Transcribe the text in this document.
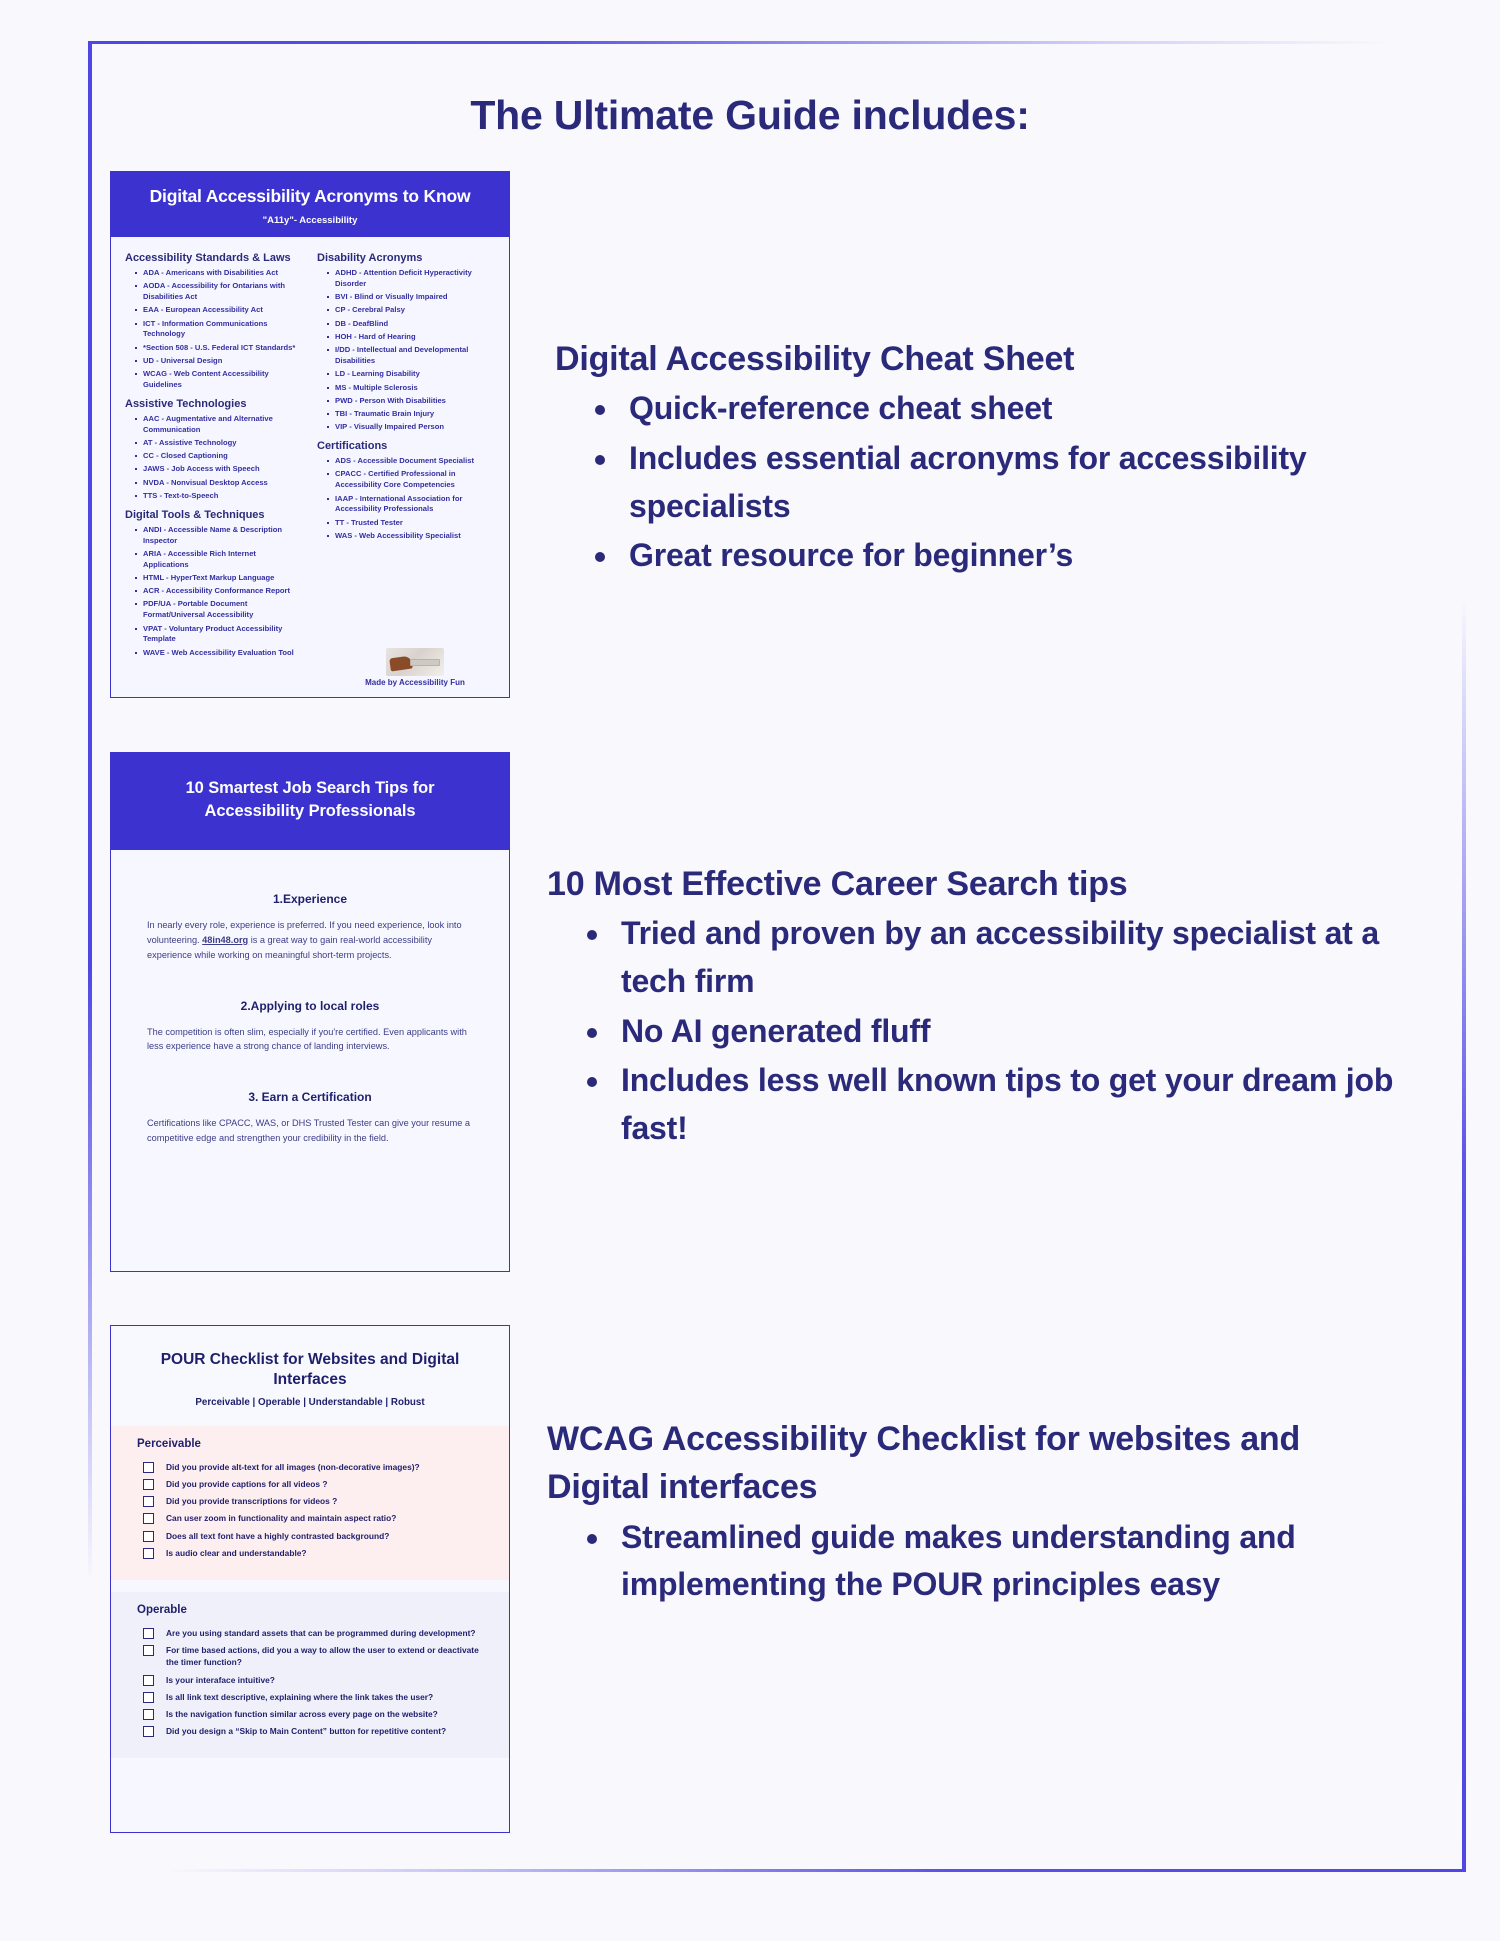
The Ultimate Guide includes:
Digital Accessibility Acronyms to Know
"A11y"- Accessibility
Accessibility Standards & Laws
ADA - Americans with Disabilities Act
AODA - Accessibility for Ontarians with Disabilities Act
EAA - European Accessibility Act
ICT - Information Communications Technology
*Section 508 - U.S. Federal ICT Standards*
UD - Universal Design
WCAG - Web Content Accessibility Guidelines
Assistive Technologies
AAC - Augmentative and Alternative Communication
AT - Assistive Technology
CC - Closed Captioning
JAWS - Job Access with Speech
NVDA - Nonvisual Desktop Access
TTS - Text-to-Speech
Digital Tools & Techniques
ANDI - Accessible Name & Description Inspector
ARIA - Accessible Rich Internet Applications
HTML - HyperText Markup Language
ACR - Accessibility Conformance Report
PDF/UA - Portable Document Format/Universal Accessibility
VPAT - Voluntary Product Accessibility Template
WAVE - Web Accessibility Evaluation Tool
Disability Acronyms
ADHD - Attention Deficit Hyperactivity Disorder
BVI - Blind or Visually Impaired
CP - Cerebral Palsy
DB - DeafBlind
HOH - Hard of Hearing
I/DD - Intellectual and Developmental Disabilities
LD - Learning Disability
MS - Multiple Sclerosis
PWD - Person With Disabilities
TBI - Traumatic Brain Injury
VIP - Visually Impaired Person
Certifications
ADS - Accessible Document Specialist
CPACC - Certified Professional in Accessibility Core Competencies
IAAP - International Association for Accessibility Professionals
TT - Trusted Tester
WAS - Web Accessibility Specialist
Made by Accessibility Fun
Digital Accessibility Cheat Sheet
Quick-reference cheat sheet
Includes essential acronyms for accessibility specialists
Great resource for beginner’s
10 Smartest Job Search Tips for Accessibility Professionals
1.Experience

In nearly every role, experience is preferred. If you need experience, look into volunteering. 48in48.org is a great way to gain real-world accessibility experience while working on meaningful short-term projects.

2.Applying to local roles

The competition is often slim, especially if you're certified. Even applicants with less experience have a strong chance of landing interviews.

3. Earn a Certification

Certifications like CPACC, WAS, or DHS Trusted Tester can give your resume a competitive edge and strengthen your credibility in the field.

10 Most Effective Career Search tips
Tried and proven by an accessibility specialist at a tech firm
No AI generated fluff
Includes less well known tips to get your dream job fast!
POUR Checklist for Websites and Digital Interfaces
Perceivable | Operable | Understandable | Robust
Perceivable
Did you provide alt-text for all images (non-decorative images)?
Did you provide captions for all videos ?
Did you provide transcriptions for videos ?
Can user zoom in functionality and maintain aspect ratio?
Does all text font have a highly contrasted background?
Is audio clear and understandable?
Operable
Are you using standard assets that can be programmed during development?
For time based actions, did you a way to allow the user to extend or deactivate the timer function?
Is your interaface intuitive?
Is all link text descriptive, explaining where the link takes the user?
Is the navigation function similar across every page on the website?
Did you design a “Skip to Main Content” button for repetitive content?
WCAG Accessibility Checklist for websites and Digital interfaces
Streamlined guide makes understanding and implementing the POUR principles easy
